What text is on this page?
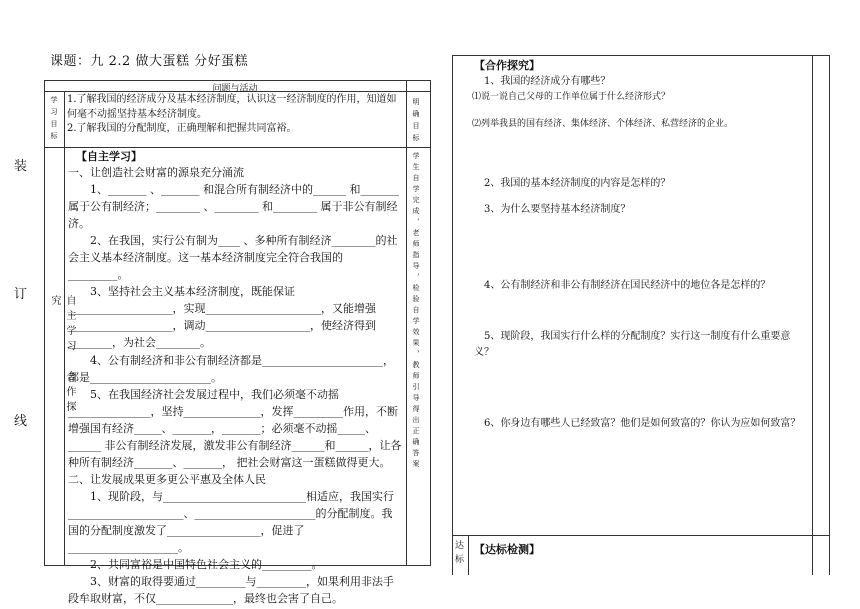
课题：九 2.2 做大蛋糕 分好蛋糕
装
订
线
问题与活动
学习目标 1.了解我国的经济成分及基本经济制度，认识这一经济制度的作用，知道如何毫不动摇坚持基本经济制度。

2.了解我国的分配制度，正确理解和把握共同富裕。

自主学习 合作探究
【自主学习】

一、让创造社会财富的源泉充分涌流

1、_______ 、_______ 和混合所有制经济中的______ 和_______ 属于公有制经济；________ 、________ 和________ 属于非公有制经济。

2、在我国，实行公有制为____ 、多种所有制经济________的社会主义基本经济制度。这一基本经济制度完全符合我国的_________。

3、坚持社会主义基本经济制度，既能保证___________________，实现_____________________，又能增强___________________，调动___________________，使经济得到________，为社会________。

4、公有制经济和非公有制经济都是______________________，都是______________________。

5、在我国经济社会发展过程中，我们必须毫不动摇_______________，坚持______________，发挥_________作用，不断增强国有经济_____、_______，_______；必须毫不动摇_____、______ 非公有制经济发展，激发非公有制经济______和______，让各种所有制经济_______、_______， 把社会财富这一蛋糕做得更大。

二、让发展成果更多更公平惠及全体人民

1、现阶段，与__________________________相适应，我国实行_____________________、______________________的分配制度。我国的分配制度激发了_________________，促进了____________________。

2、共同富裕是中国特色社会主义的_________。

3、财富的取得要通过_________与_________，如果利用非法手段牟取财富，不仅______________，最终也会害了自己。

明确目标
学生自学完成，老师指导，检验自学效果，教师引导得出正确答案
【合作探究】
1、我国的经济成分有哪些？
⑴说一说自己父母的工作单位属于什么经济形式？
⑵列举我县的国有经济、集体经济、个体经济、私营经济的企业。
2、我国的基本经济制度的内容是怎样的？
3、为什么要坚持基本经济制度？
4、公有制经济和非公有制经济在国民经济中的地位各是怎样的？
5、现阶段，我国实行什么样的分配制度？实行这一制度有什么重要意义？
6、你身边有哪些人已经致富？他们是如何致富的？你认为应如何致富？
达标
【达标检测】
